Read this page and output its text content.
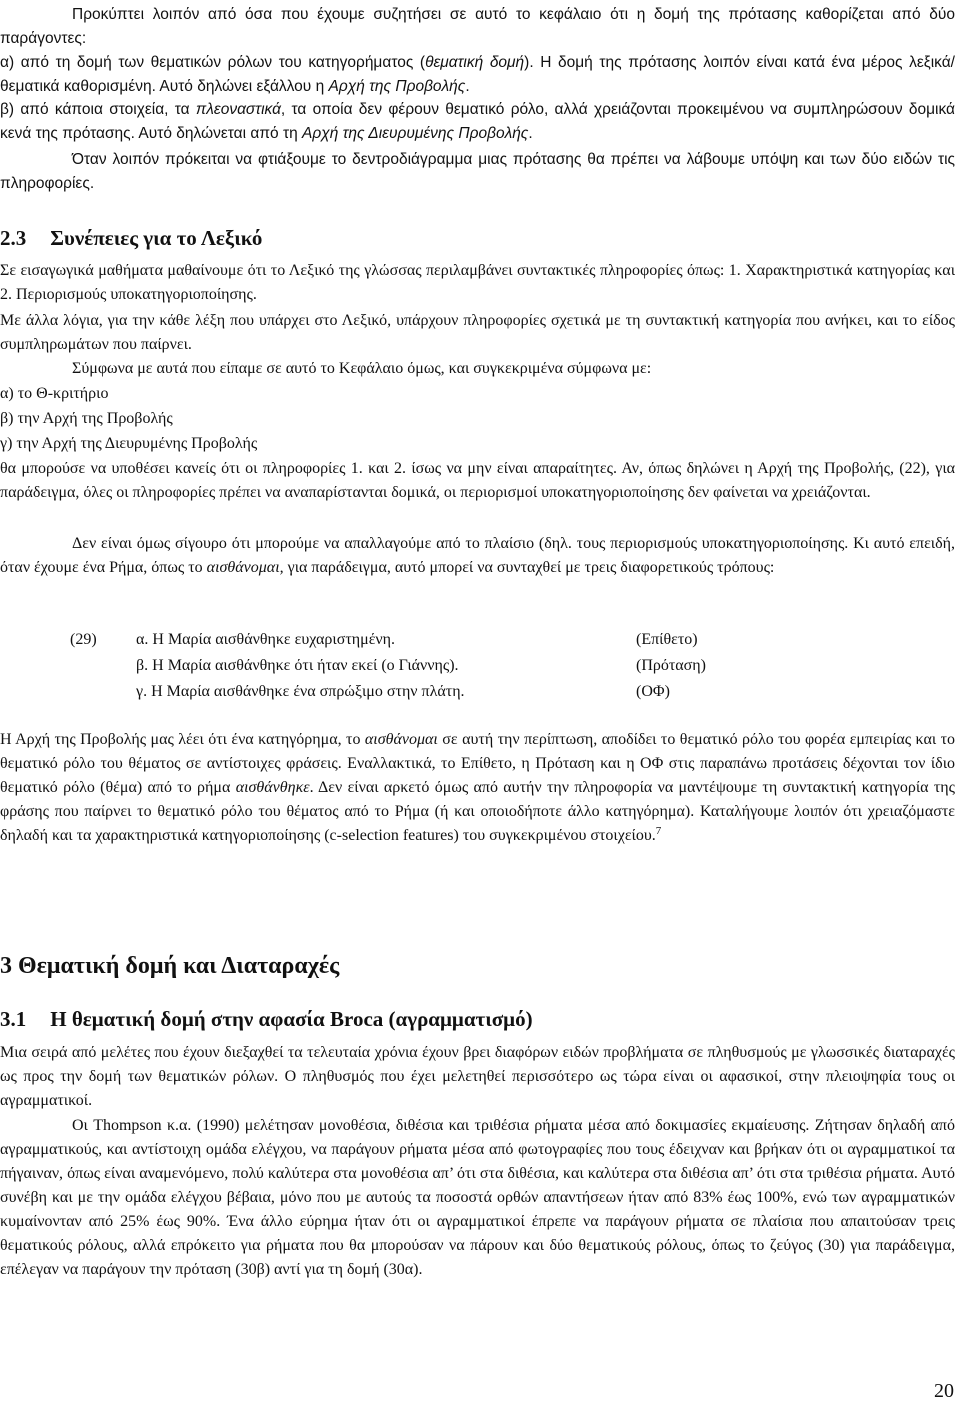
Προκύπτει λοιπόν από όσα που έχουμε συζητήσει σε αυτό το κεφάλαιο ότι η δομή της πρότασης καθορίζεται από δύο παράγοντες:
α) από τη δομή των θεματικών ρόλων του κατηγορήματος (θεματική δομή). Η δομή της πρότασης λοιπόν είναι κατά ένα μέρος λεξικά/θεματικά καθορισμένη. Αυτό δηλώνει εξάλλου η Αρχή της Προβολής.
β) από κάποια στοιχεία, τα πλεοναστικά, τα οποία δεν φέρουν θεματικό ρόλο, αλλά χρειάζονται προκειμένου να συμπληρώσουν δομικά κενά της πρότασης. Αυτό δηλώνεται από τη Αρχή της Διευρυμένης Προβολής.
Όταν λοιπόν πρόκειται να φτιάξουμε το δεντροδιάγραμμα μιας πρότασης θα πρέπει να λάβουμε υπόψη και των δύο ειδών τις πληροφορίες.
2.3 Συνέπειες για το Λεξικό
Σε εισαγωγικά μαθήματα μαθαίνουμε ότι το Λεξικό της γλώσσας περιλαμβάνει συντακτικές πληροφορίες όπως: 1. Χαρακτηριστικά κατηγορίας και 2. Περιορισμούς υποκατηγοριοποίησης.
Με άλλα λόγια, για την κάθε λέξη που υπάρχει στο Λεξικό, υπάρχουν πληροφορίες σχετικά με τη συντακτική κατηγορία που ανήκει, και το είδος συμπληρωμάτων που παίρνει.
Σύμφωνα με αυτά που είπαμε σε αυτό το Κεφάλαιο όμως, και συγκεκριμένα σύμφωνα με:
α) το Θ-κριτήριο
β) την Αρχή της Προβολής
γ) την Αρχή της Διευρυμένης Προβολής
θα μπορούσε να υποθέσει κανείς ότι οι πληροφορίες 1. και 2. ίσως να μην είναι απαραίτητες. Αν, όπως δηλώνει η Αρχή της Προβολής, (22), για παράδειγμα, όλες οι πληροφορίες πρέπει να αναπαρίστανται δομικά, οι περιορισμοί υποκατηγοριοποίησης δεν φαίνεται να χρειάζονται.
Δεν είναι όμως σίγουρο ότι μπορούμε να απαλλαγούμε από το πλαίσιο (δηλ. τους περιορισμούς υποκατηγοριοποίησης. Κι αυτό επειδή, όταν έχουμε ένα Ρήμα, όπως το αισθάνομαι, για παράδειγμα, αυτό μπορεί να συνταχθεί με τρεις διαφορετικούς τρόπους:
(29) α. Η Μαρία αισθάνθηκε ευχαριστημένη.	(Επίθετο)
β. Η Μαρία αισθάνθηκε ότι ήταν εκεί (ο Γιάννης).	(Πρόταση)
γ. Η Μαρία αισθάνθηκε ένα σπρώξιμο στην πλάτη.	(ΟΦ)
Η Αρχή της Προβολής μας λέει ότι ένα κατηγόρημα, το αισθάνομαι σε αυτή την περίπτωση, αποδίδει το θεματικό ρόλο του φορέα εμπειρίας και το θεματικό ρόλο του θέματος σε αντίστοιχες φράσεις. Εναλλακτικά, το Επίθετο, η Πρόταση και η ΟΦ στις παραπάνω προτάσεις δέχονται τον ίδιο θεματικό ρόλο (θέμα) από το ρήμα αισθάνθηκε. Δεν είναι αρκετό όμως από αυτήν την πληροφορία να μαντέψουμε τη συντακτική κατηγορία της φράσης που παίρνει το θεματικό ρόλο του θέματος από το Ρήμα (ή και οποιοδήποτε άλλο κατηγόρημα). Καταλήγουμε λοιπόν ότι χρειαζόμαστε δηλαδή και τα χαρακτηριστικά κατηγοριοποίησης (c-selection features) του συγκεκριμένου στοιχείου.$^7$
3 Θεματική δομή και Διαταραχές
3.1 Η θεματική δομή στην αφασία Broca (αγραμματισμό)
Μια σειρά από μελέτες που έχουν διεξαχθεί τα τελευταία χρόνια έχουν βρει διαφόρων ειδών προβλήματα σε πληθυσμούς με γλωσσικές διαταραχές ως προς την δομή των θεματικών ρόλων. Ο πληθυσμός που έχει μελετηθεί περισσότερο ως τώρα είναι οι αφασικοί, στην πλειοψηφία τους οι αγραμματικοί.
Οι Thompson κ.α. (1990) μελέτησαν μονοθέσια, διθέσια και τριθέσια ρήματα μέσα από δοκιμασίες εκμαίευσης. Ζήτησαν δηλαδή από αγραμματικούς, και αντίστοιχη ομάδα ελέγχου, να παράγουν ρήματα μέσα από φωτογραφίες που τους έδειχναν και βρήκαν ότι οι αγραμματικοί τα πήγαιναν, όπως είναι αναμενόμενο, πολύ καλύτερα στα μονοθέσια απ’ ότι στα διθέσια, και καλύτερα στα διθέσια απ’ ότι στα τριθέσια ρήματα. Αυτό συνέβη και με την ομάδα ελέγχου βέβαια, μόνο που με αυτούς τα ποσοστά ορθών απαντήσεων ήταν από 83% έως 100%, ενώ των αγραμματικών κυμαίνονταν από 25% έως 90%. Ένα άλλο εύρημα ήταν ότι οι αγραμματικοί έπρεπε να παράγουν ρήματα σε πλαίσια που απαιτούσαν τρεις θεματικούς ρόλους, αλλά επρόκειτο για ρήματα που θα μπορούσαν να πάρουν και δύο θεματικούς ρόλους, όπως το ζεύγος (30) για παράδειγμα, επέλεγαν να παράγουν την πρόταση (30β) αντί για τη δομή (30α).
20
